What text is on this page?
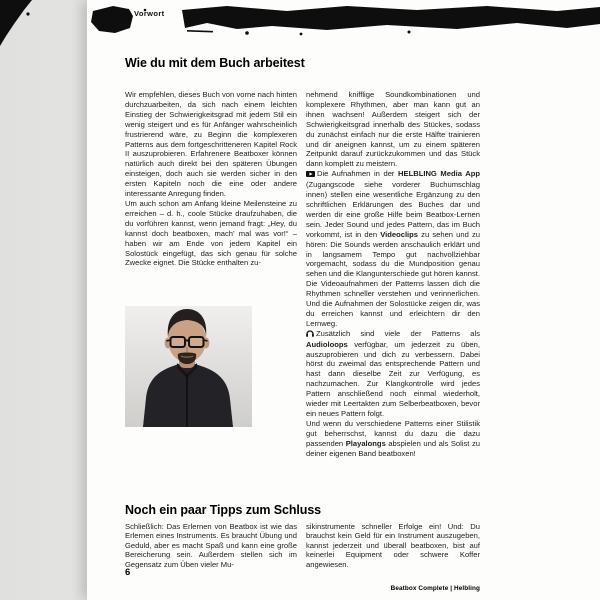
Vorwort
Wie du mit dem Buch arbeitest

Wir empfehlen, dieses Buch von vorne nach hinten durchzuarbeiten, da sich nach einem leichten Einstieg der Schwierigkeitsgrad mit jedem Stil ein wenig steigert und es für Anfänger wahrscheinlich frustrierend wäre, zu Beginn die komplexeren Patterns aus dem fortgeschritteneren Kapitel Rock II auszuprobieren. Erfahrenere Beatboxer können natürlich auch direkt bei den späteren Übungen einsteigen, doch auch sie werden sicher in den ersten Kapiteln noch die eine oder andere interessante Anregung finden.

Um auch schon am Anfang kleine Meilensteine zu erreichen – d. h., coole Stücke draufzuhaben, die du vorführen kannst, wenn jemand fragt: „Hey, du kannst doch beatboxen, mach’ mal was vor!“ – haben wir am Ende von jedem Kapitel ein Solostück eingefügt, das sich genau für solche Zwecke eignet. Die Stücke enthalten zu-

nehmend knifflige Soundkombinationen und komplexere Rhythmen, aber man kann gut an ihnen wachsen! Außerdem steigert sich der Schwierigkeitsgrad innerhalb des Stückes, sodass du zunächst einfach nur die erste Hälfte trainieren und dir aneignen kannst, um zu einem späteren Zeitpunkt darauf zurückzukommen und das Stück dann komplett zu meistern.

Die Aufnahmen in der HELBLING Media App (Zugangscode siehe vorderer Buchumschlag innen) stellen eine wesentliche Ergänzung zu den schriftlichen Erklärungen des Buches dar und werden dir eine große Hilfe beim Beatbox-Lernen sein. Jeder Sound und jedes Pattern, das im Buch vorkommt, ist in den Videoclips zu sehen und zu hören: Die Sounds werden anschaulich erklärt und in langsamem Tempo gut nachvollziehbar vorgemacht, sodass du die Mundposition genau sehen und die Klangunterschiede gut hören kannst. Die Videoaufnahmen der Patterns lassen dich die Rhythmen schneller verstehen und verinnerlichen. Und die Aufnahmen der Solostücke zeigen dir, was du erreichen kannst und erleichtern dir den Lernweg.

Zusätzlich sind viele der Patterns als Audioloops verfügbar, um jederzeit zu üben, auszuprobieren und dich zu verbessern. Dabei hörst du zweimal das entsprechende Pattern und hast dann dieselbe Zeit zur Verfügung, es nachzumachen. Zur Klangkontrolle wird jedes Pattern anschließend noch einmal wiederholt, wieder mit Leertakten zum Selberbeatboxen, bevor ein neues Pattern folgt.

Und wenn du verschiedene Patterns einer Stilistik gut beherrschst, kannst du dazu die dazu passenden Playalongs abspielen und als Solist zu deiner eigenen Band beatboxen!

Noch ein paar Tipps zum Schluss

Schließlich: Das Erlernen von Beatbox ist wie das Erlernen eines Instruments. Es braucht Übung und Geduld, aber es macht Spaß und kann eine große Bereicherung sein. Außerdem stellen sich im Gegensatz zum Üben vieler Mu-

sikinstrumente schneller Erfolge ein! Und: Du brauchst kein Geld für ein Instrument auszugeben, kannst jederzeit und überall beatboxen, bist auf keinerlei Equipment oder schwere Koffer angewiesen.

6
Beatbox Complete | Helbling
